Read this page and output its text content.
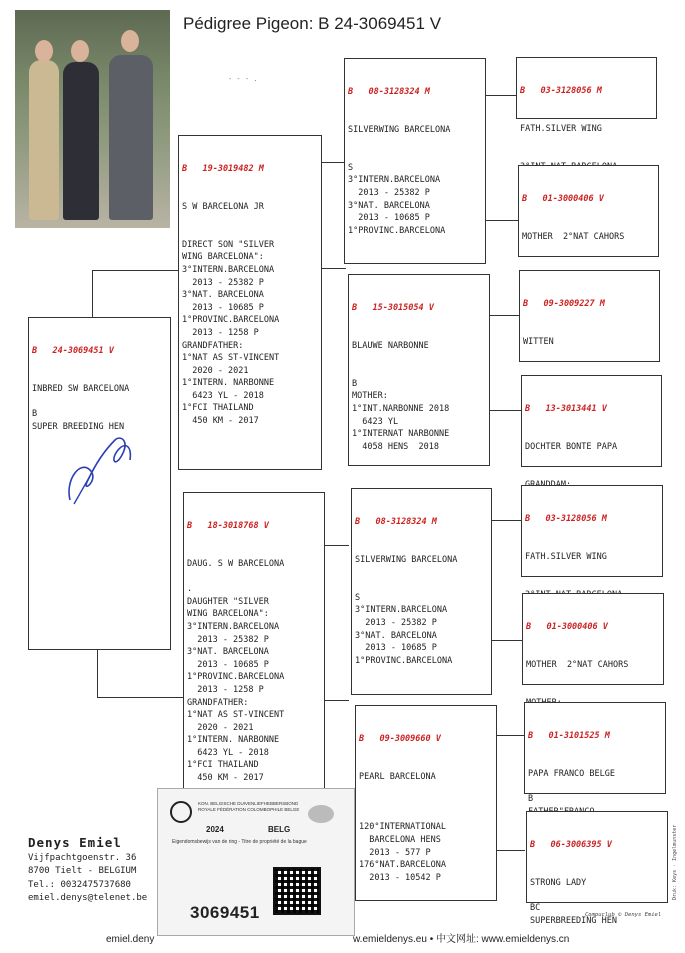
Pédigree Pigeon: B 24-3069451 V
- - - .

B   24-3069451 V

INBRED SW BARCELONA

B
SUPER BREEDING HEN

B   19-3019482 M

S W BARCELONA JR

DIRECT SON "SILVER
WING BARCELONA":
3°INTERN.BARCELONA
2013 - 25382 P
3°NAT. BARCELONA
2013 - 10685 P
1°PROVINC.BARCELONA
2013 - 1258 P
GRANDFATHER:
1°NAT AS ST-VINCENT
2020 - 2021
1°INTERN. NARBONNE
6423 YL - 2018
1°FCI THAILAND
450 KM - 2017

B   18-3018768 V

DAUG. S W BARCELONA

.
DAUGHTER "SILVER
WING BARCELONA":
3°INTERN.BARCELONA
2013 - 25382 P
3°NAT. BARCELONA
2013 - 10685 P
1°PROVINC.BARCELONA
2013 - 1258 P
GRANDFATHER:
1°NAT AS ST-VINCENT
2020 - 2021
1°INTERN. NARBONNE
6423 YL - 2018
1°FCI THAILAND
450 KM - 2017

B   08-3128324 M

SILVERWING BARCELONA

S
3°INTERN.BARCELONA
2013 - 25382 P
3°NAT. BARCELONA
2013 - 10685 P
1°PROVINC.BARCELONA

B   15-3015054 V

BLAUWE NARBONNE

B
MOTHER:
1°INT.NARBONNE 2018
6423 YL
1°INTERNAT NARBONNE
4058 HENS  2018

B   08-3128324 M

SILVERWING BARCELONA

S
3°INTERN.BARCELONA
2013 - 25382 P
3°NAT. BARCELONA
2013 - 10685 P
1°PROVINC.BARCELONA

B   09-3009660 V

PEARL BARCELONA

120°INTERNATIONAL
BARCELONA HENS
2013 - 577 P
176°NAT.BARCELONA
2013 - 10542 P

B   03-3128056 M

FATH.SILVER WING

B   01-3000406 V

MOTHER  2°NAT CAHORS

B   09-3009227 M

WITTEN

B   13-3013441 V

DOCHTER BONTE PAPA

B   03-3128056 M

FATH.SILVER WING

B   01-3000406 V

MOTHER  2°NAT CAHORS

B   01-3101525 M

PAPA FRANCO BELGE

B

B   06-3006395 V

STRONG LADY

BC
SUPERBREEDING HEN

Denys Emiel
Vijfpachtgoenstr. 36
8700 Tielt - BELGIUM
Tel.: 0032475737680
emiel.denys@telenet.be
KON. BELGISCHE DUIVENLIEFHEBBERSBOND
ROYALE FÉDÉRATION COLOMBOPHILE BELGE
2024	BELG
Eigendomsbewijs van de ring - Titre de propriété de la bague
3069451
emiel.deny	w.emieldenys.eu • 中文网址: www.emieldenys.cn
Compuclub © Denys Emiel
Druk: Keys · Ingelmunster
